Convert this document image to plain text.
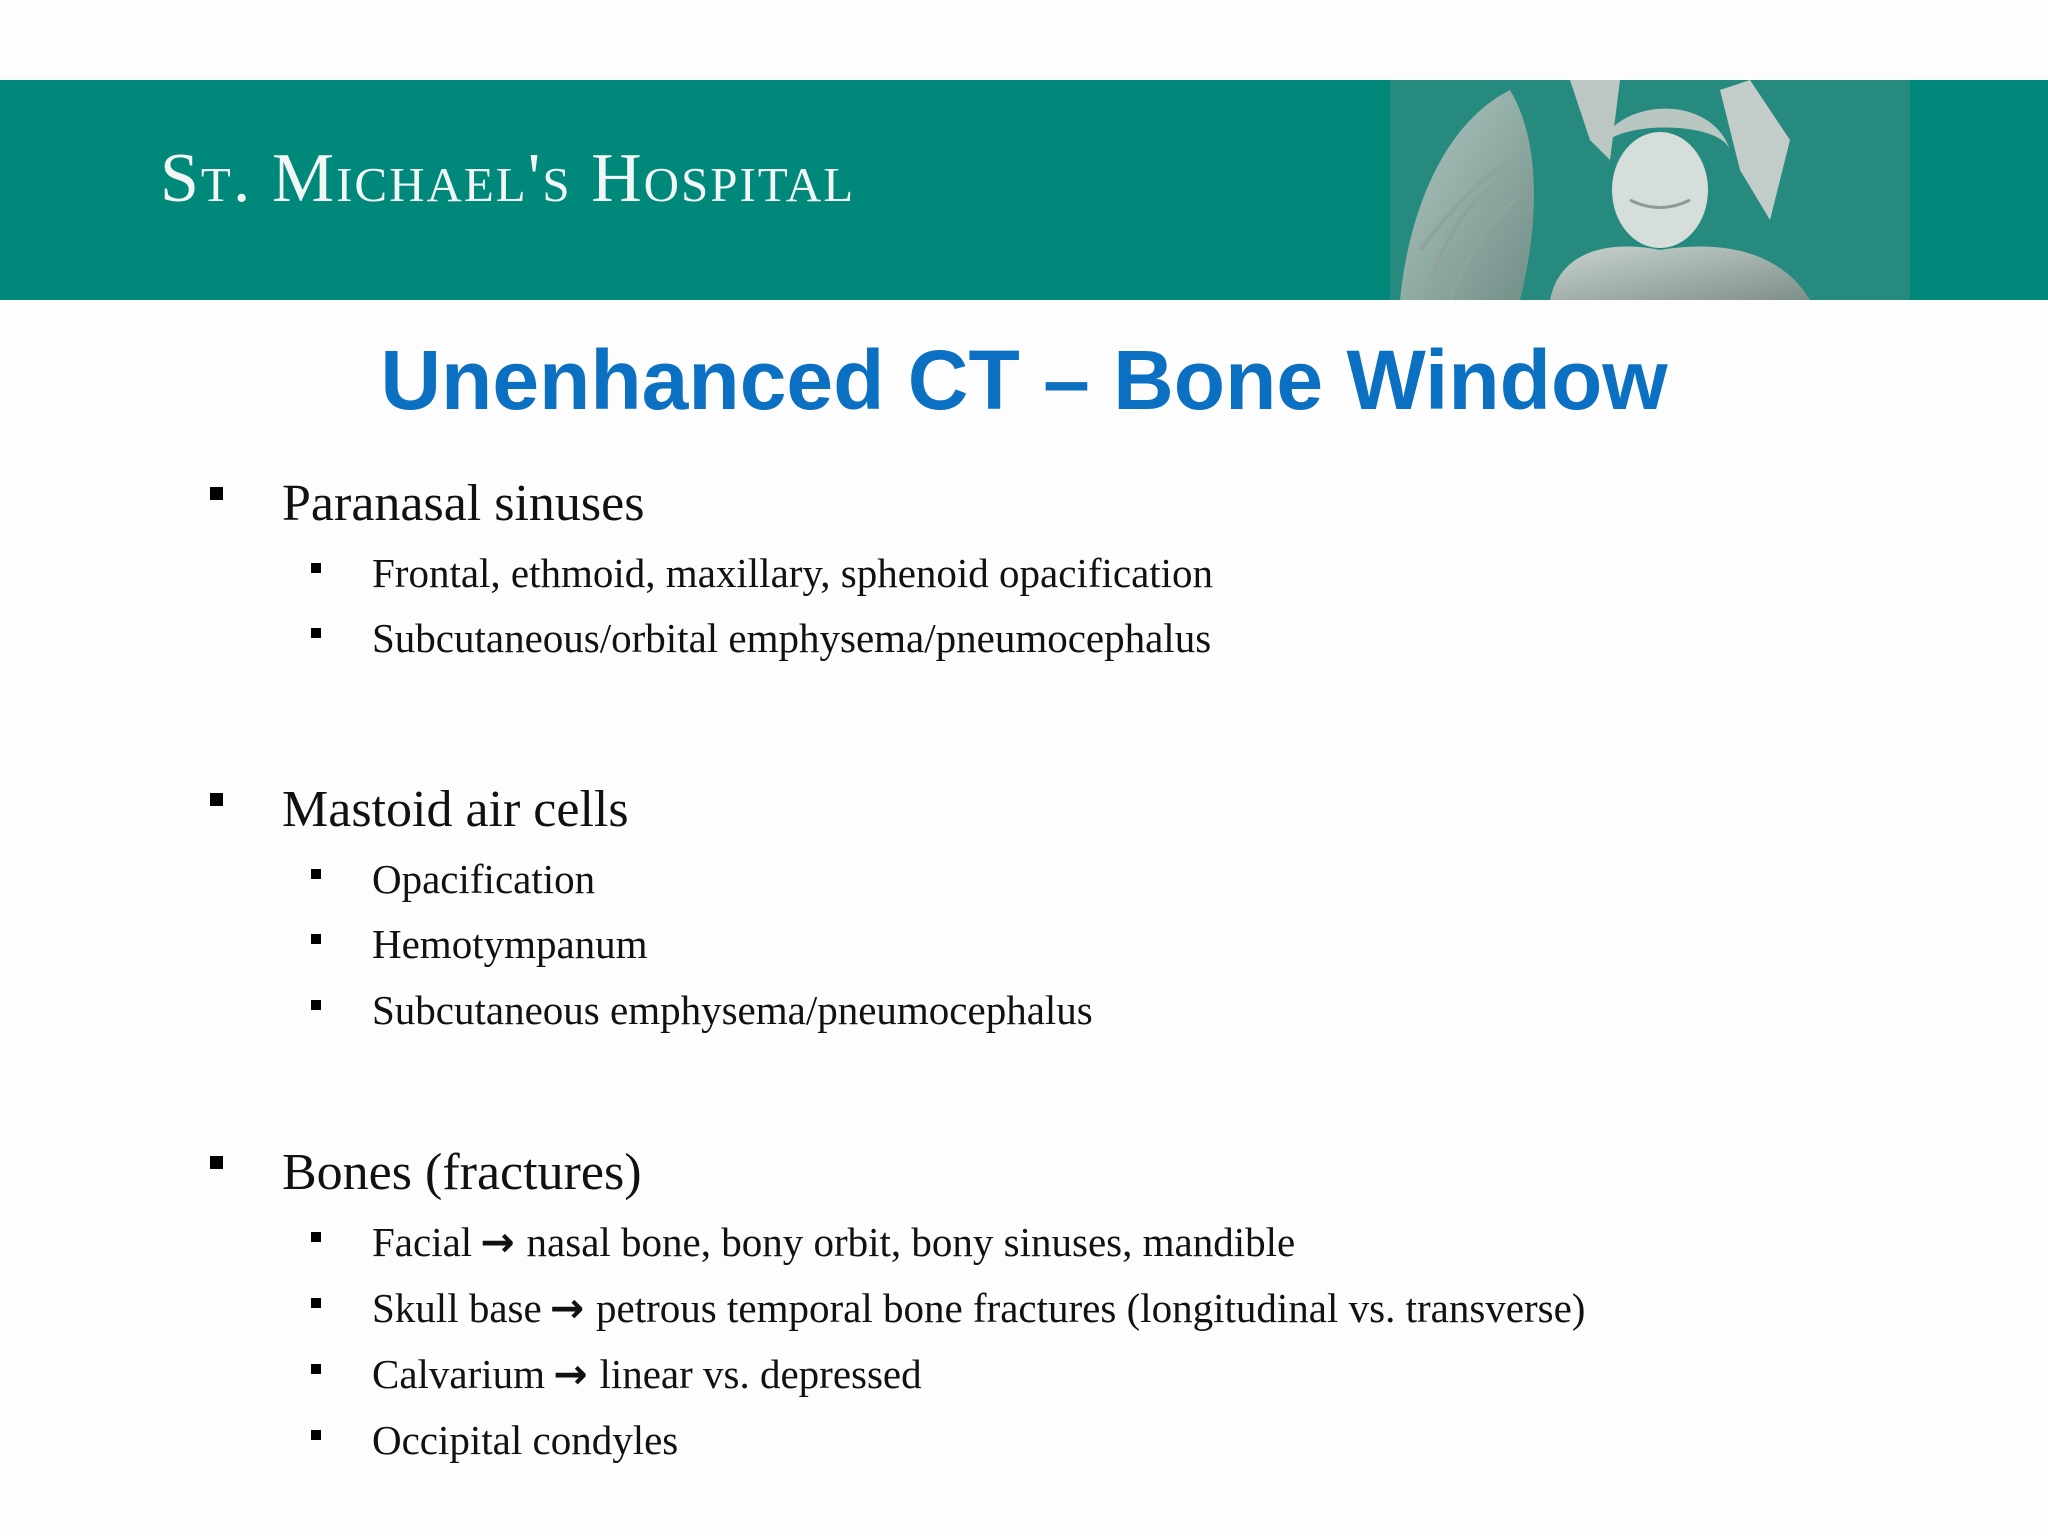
St. Michael's Hospital
Unenhanced CT – Bone Window
Paranasal sinuses
Frontal, ethmoid, maxillary, sphenoid opacification
Subcutaneous/orbital emphysema/pneumocephalus
Mastoid air cells
Opacification
Hemotympanum
Subcutaneous emphysema/pneumocephalus
Bones (fractures)
Facial → nasal bone, bony orbit, bony sinuses, mandible
Skull base → petrous temporal bone fractures (longitudinal vs. transverse)
Calvarium → linear vs. depressed
Occipital condyles
